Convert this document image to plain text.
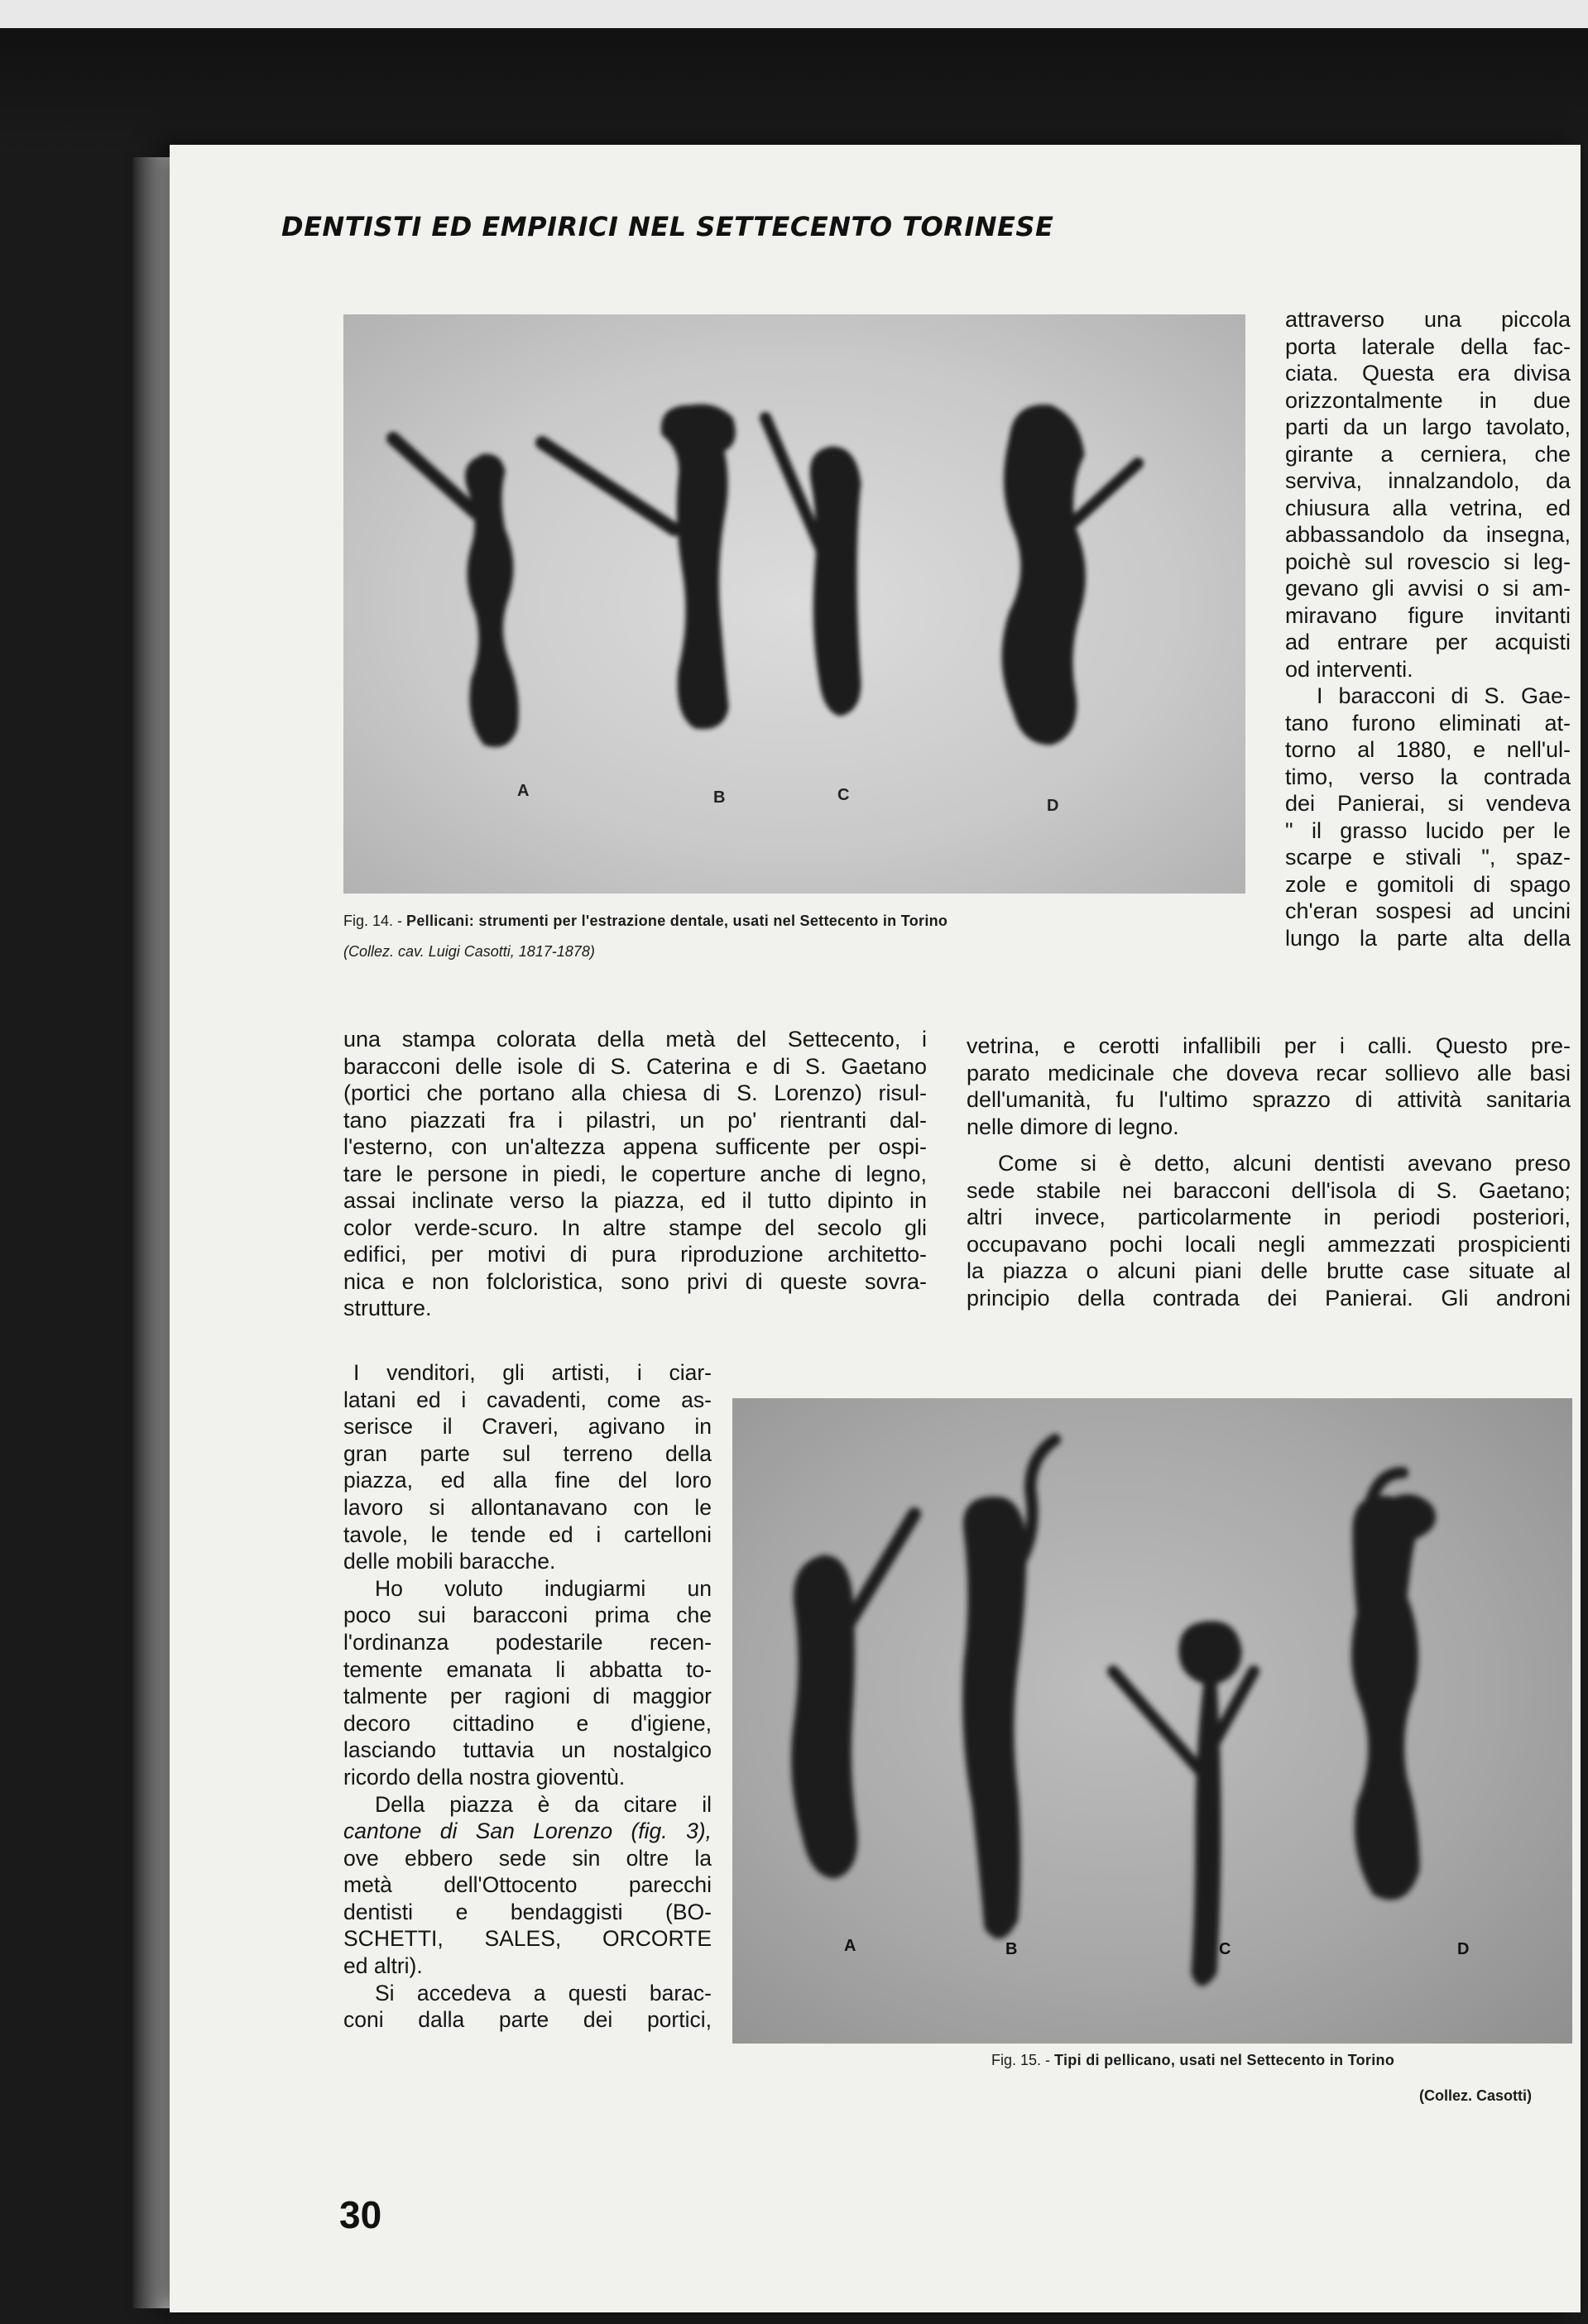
DENTISTI ED EMPIRICI NEL SETTECENTO TORINESE
A	B	C
D
Fig. 14. - Pellicani: strumenti per l'estrazione dentale, usati nel Settecento in Torino
(Collez. cav. Luigi Casotti, 1817-1878)

attraverso una piccola

porta laterale della fac-

ciata. Questa era divisa

orizzontalmente in due

parti da un largo tavolato,

girante a cerniera, che

serviva, innalzandolo, da

chiusura alla vetrina, ed

abbassandolo da insegna,

poichè sul rovescio si leg-

gevano gli avvisi o si am-

miravano figure invitanti

ad entrare per acquisti

od interventi.

I baracconi di S. Gae-

tano furono eliminati at-

torno al 1880, e nell'ul-

timo, verso la contrada

dei Panierai, si vendeva

" il grasso lucido per le

scarpe e stivali ", spaz-

zole e gomitoli di spago

ch'eran sospesi ad uncini

lungo la parte alta della

una stampa colorata della metà del Settecento, i

baracconi delle isole di S. Caterina e di S. Gaetano

(portici che portano alla chiesa di S. Lorenzo) risul-

tano piazzati fra i pilastri, un po' rientranti dal-

l'esterno, con un'altezza appena sufficente per ospi-

tare le persone in piedi, le coperture anche di legno,

assai inclinate verso la piazza, ed il tutto dipinto in

color verde-scuro. In altre stampe del secolo gli

edifici, per motivi di pura riproduzione architetto-

nica e non folcloristica, sono privi di queste sovra-

strutture.

vetrina, e cerotti infallibili per i calli. Questo pre-

parato medicinale che doveva recar sollievo alle basi

dell'umanità, fu l'ultimo sprazzo di attività sanitaria

nelle dimore di legno.

Come si è detto, alcuni dentisti avevano preso

sede stabile nei baracconi dell'isola di S. Gaetano;

altri invece, particolarmente in periodi posteriori,

occupavano pochi locali negli ammezzati prospicienti

la piazza o alcuni piani delle brutte case situate al

principio della contrada dei Panierai. Gli androni

I venditori, gli artisti, i ciar-

latani ed i cavadenti, come as-

serisce il Craveri, agivano in

gran parte sul terreno della

piazza, ed alla fine del loro

lavoro si allontanavano con le

tavole, le tende ed i cartelloni

delle mobili baracche.

Ho voluto indugiarmi un

poco sui baracconi prima che

l'ordinanza podestarile recen-

temente emanata li abbatta to-

talmente per ragioni di maggior

decoro cittadino e d'igiene,

lasciando tuttavia un nostalgico

ricordo della nostra gioventù.

Della piazza è da citare il

cantone di San Lorenzo (fig. 3),

ove ebbero sede sin oltre la

metà dell'Ottocento parecchi

dentisti e bendaggisti (BO-

SCHETTI, SALES, ORCORTE

ed altri).

Si accedeva a questi barac-

coni dalla parte dei portici,

A	B	C	D
Fig. 15. - Tipi di pellicano, usati nel Settecento in Torino
(Collez. Casotti)
30
